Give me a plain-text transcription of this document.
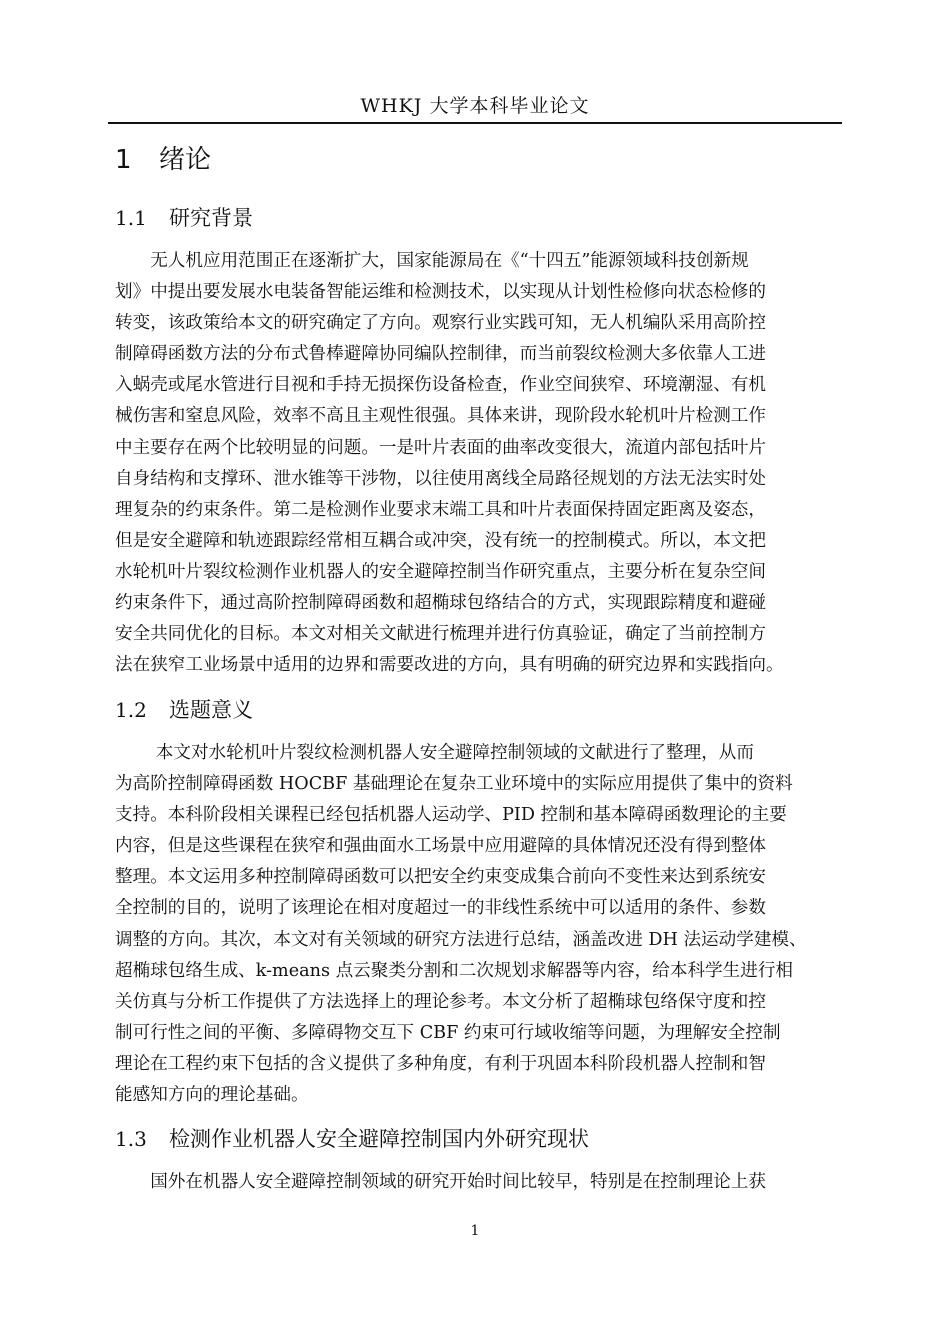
WHKJ 大学本科毕业论文
1 绪论
1.1 研究背景
　　无人机应用范围正在逐渐扩大，国家能源局在《“十四五”能源领域科技创新规
划》中提出要发展水电装备智能运维和检测技术，以实现从计划性检修向状态检修的
转变，该政策给本文的研究确定了方向。观察行业实践可知，无人机编队采用高阶控
制障碍函数方法的分布式鲁棒避障协同编队控制律，而当前裂纹检测大多依靠人工进
入蜗壳或尾水管进行目视和手持无损探伤设备检查，作业空间狭窄、环境潮湿、有机
械伤害和窒息风险，效率不高且主观性很强。具体来讲，现阶段水轮机叶片检测工作
中主要存在两个比较明显的问题。一是叶片表面的曲率改变很大，流道内部包括叶片
自身结构和支撑环、泄水锥等干涉物，以往使用离线全局路径规划的方法无法实时处
理复杂的约束条件。第二是检测作业要求末端工具和叶片表面保持固定距离及姿态，
但是安全避障和轨迹跟踪经常相互耦合或冲突，没有统一的控制模式。所以，本文把
水轮机叶片裂纹检测作业机器人的安全避障控制当作研究重点，主要分析在复杂空间
约束条件下，通过高阶控制障碍函数和超椭球包络结合的方式，实现跟踪精度和避碰
安全共同优化的目标。本文对相关文献进行梳理并进行仿真验证，确定了当前控制方
法在狭窄工业场景中适用的边界和需要改进的方向，具有明确的研究边界和实践指向。
1.2 选题意义
　　 本文对水轮机叶片裂纹检测机器人安全避障控制领域的文献进行了整理，从而
为高阶控制障碍函数 HOCBF 基础理论在复杂工业环境中的实际应用提供了集中的资料
支持。本科阶段相关课程已经包括机器人运动学、PID 控制和基本障碍函数理论的主要
内容，但是这些课程在狭窄和强曲面水工场景中应用避障的具体情况还没有得到整体
整理。本文运用多种控制障碍函数可以把安全约束变成集合前向不变性来达到系统安
全控制的目的，说明了该理论在相对度超过一的非线性系统中可以适用的条件、参数
调整的方向。其次，本文对有关领域的研究方法进行总结，涵盖改进 DH 法运动学建模、
超椭球包络生成、k-means 点云聚类分割和二次规划求解器等内容，给本科学生进行相
关仿真与分析工作提供了方法选择上的理论参考。本文分析了超椭球包络保守度和控
制可行性之间的平衡、多障碍物交互下 CBF 约束可行域收缩等问题，为理解安全控制
理论在工程约束下包括的含义提供了多种角度，有利于巩固本科阶段机器人控制和智
能感知方向的理论基础。
1.3 检测作业机器人安全避障控制国内外研究现状
　　国外在机器人安全避障控制领域的研究开始时间比较早，特别是在控制理论上获
1
